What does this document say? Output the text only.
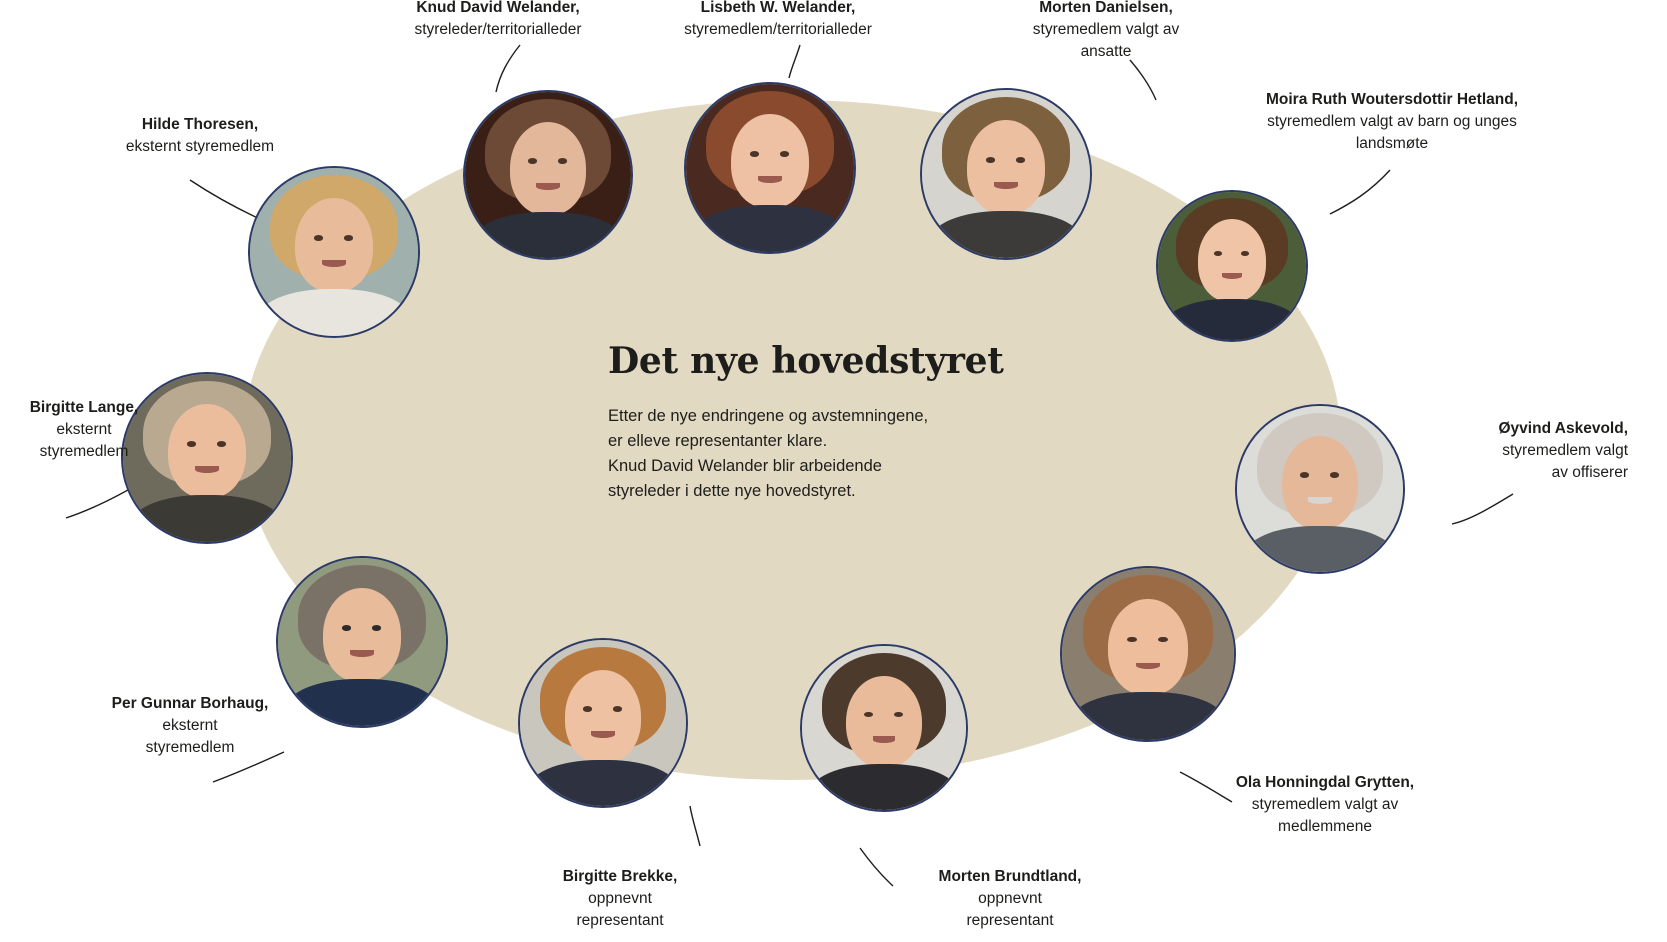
Det nye hovedstyret
Etter de nye endringene og avstemningene,
er elleve representanter klare.
Knud David Welander blir arbeidende
styreleder i dette nye hovedstyret.
Hilde Thoresen,
eksternt styremedlem
Knud David Welander,
styreleder/territorialleder
Lisbeth W. Welander,
styremedlem/territorialleder
Morten Danielsen,
styremedlem valgt av
ansatte
Moira Ruth Woutersdottir Hetland,
styremedlem valgt av barn og unges
landsmøte
Øyvind Askevold,
styremedlem valgt
av offiserer
Ola Honningdal Grytten,
styremedlem valgt av
medlemmene
Morten Brundtland,
oppnevnt
representant
Birgitte Brekke,
oppnevnt
representant
Per Gunnar Borhaug,
eksternt
styremedlem
Birgitte Lange,
eksternt
styremedlem
